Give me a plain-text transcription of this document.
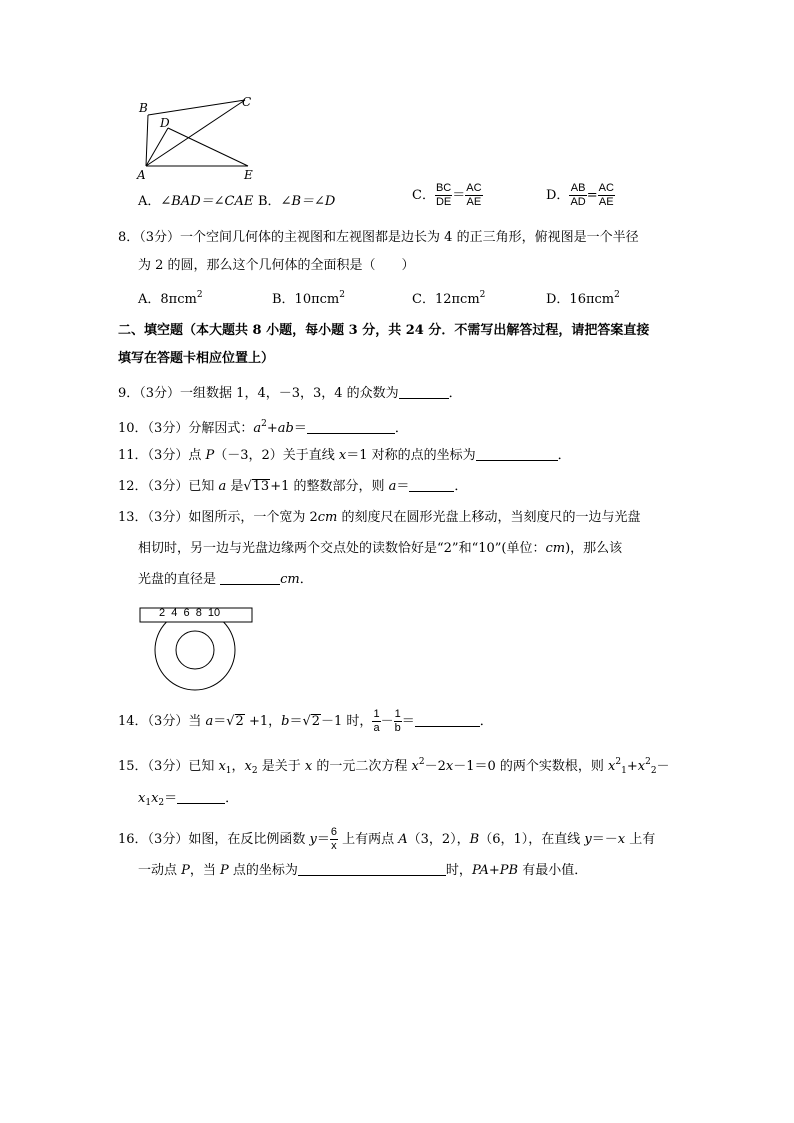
B	C
D
A	E
A．∠BAD＝∠CAE B．∠B＝∠D	C． $\frac{BC}{DE} = \frac{AC}{AE}$	D． $\frac{AB}{AD} = \frac{AC}{AE}$
8．（3分）一个空间几何体的主视图和左视图都是边长为 4 的正三角形，俯视图是一个半径
为 2 的圆，那么这个几何体的全面积是（　　）
A．8πcm$^2$	B．10πcm$^2$	C．12πcm$^2$	D．16πcm$^2$
二、填空题（本大题共 8 小题，每小题 3 分，共 24 分．不需写出解答过程，请把答案直接
填写在答题卡相应位置上）
9．（3分）一组数据 1，4，－3，3，4 的众数为	．
10．（3分）分解因式：$a^2+ab=$	．
11．（3分）点 P（－3，2）关于直线 x＝1 对称的点的坐标为	．
12．（3分）已知 a 是√13+1 的整数部分，则 a＝	．
13．（3分）如图所示，一个宽为 2cm 的刻度尺在圆形光盘上移动，当刻度尺的一边与光盘
相切时，另一边与光盘边缘两个交点处的读数恰好是“2”和“10”(单位：cm)，那么该
光盘的直径是	cm．
2  4  6  8  10
14．（3分）当 a＝√2 +1，b＝√2－1 时， $\frac{1}{a} - \frac{1}{b}$ ＝	．
15．（3分）已知 $x_1$，$x_2$ 是关于 x 的一元二次方程 $x^2-2x-1=0$ 的两个实数根，则 $x^2_1+x^2_2-$
$x_1x_2=$	．
16．（3分）如图，在反比例函数 $y= \frac{6}{x}$ 上有两点 A（3，2），B（6，1），在直线 y＝－x 上有
一动点 P，当 P 点的坐标为	时，PA+PB 有最小值．
